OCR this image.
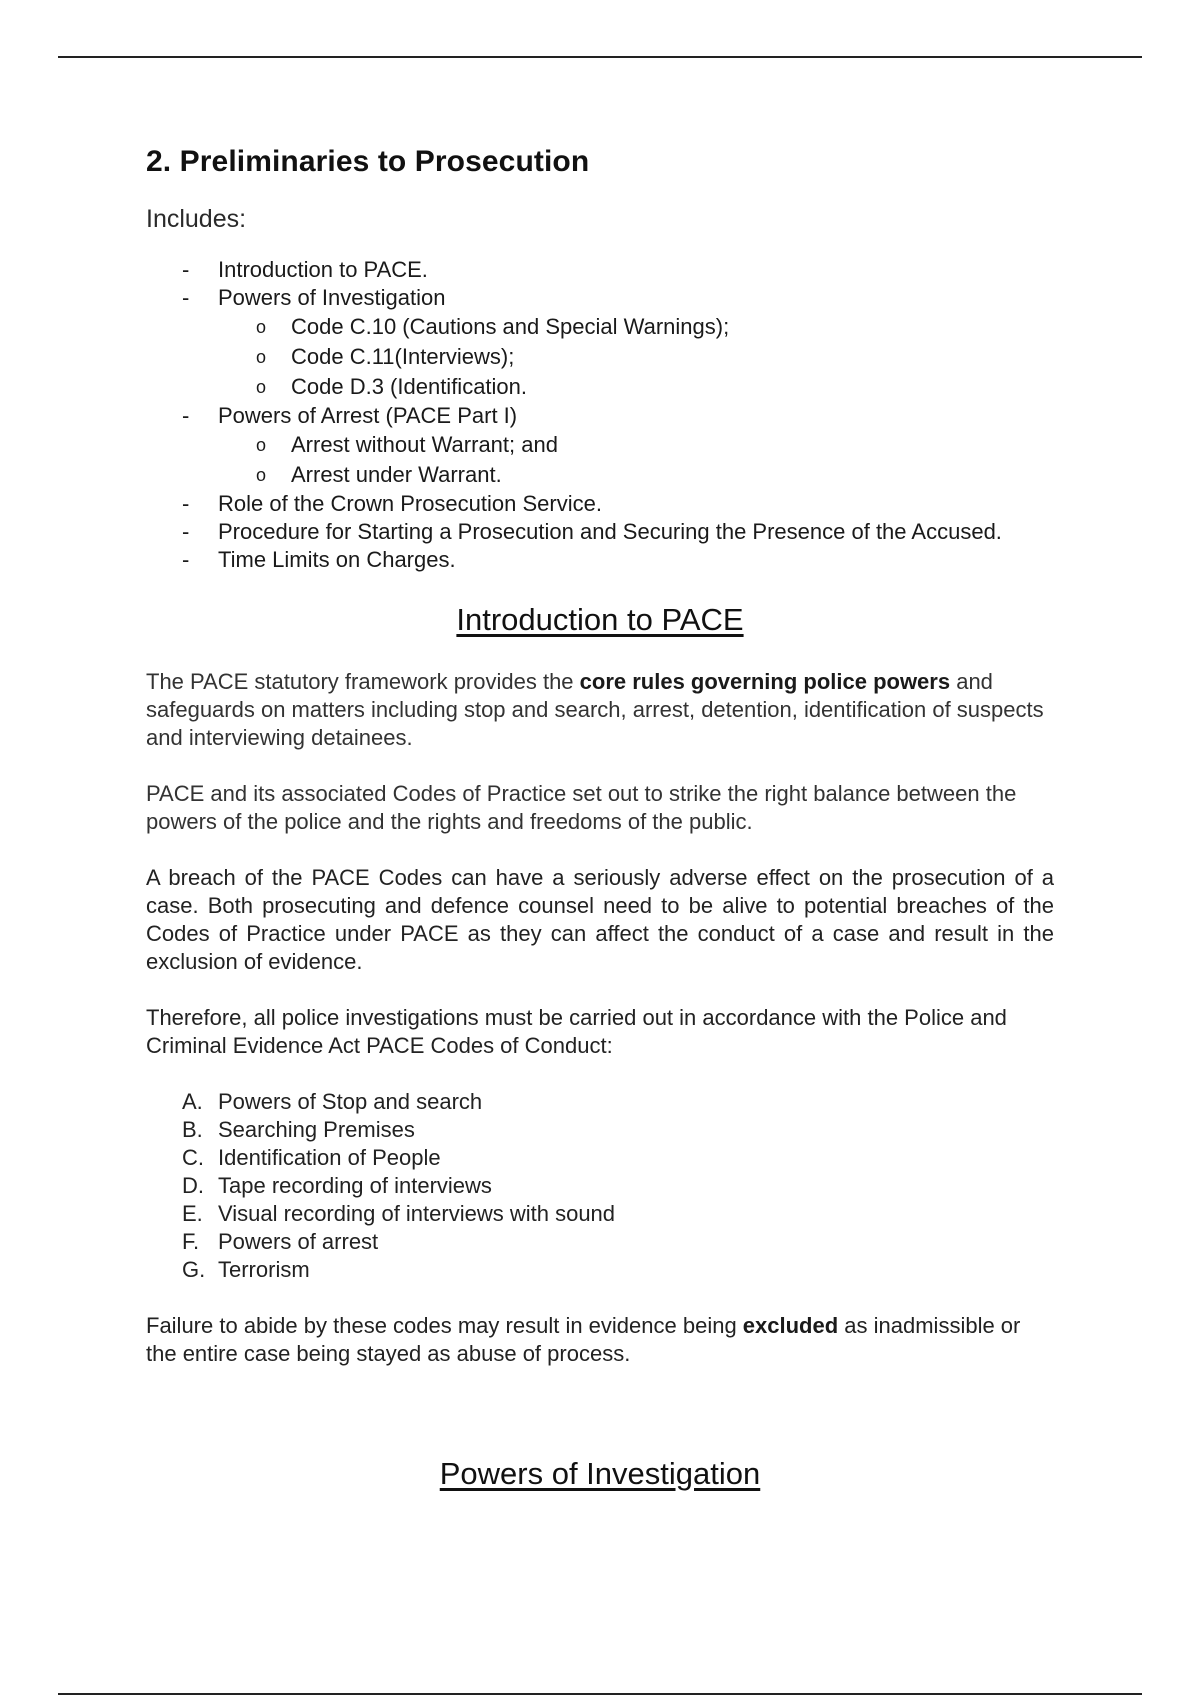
2. Preliminaries to Prosecution
Includes:
- Introduction to PACE.
- Powers of Investigation
o Code C.10 (Cautions and Special Warnings);
o Code C.11(Interviews);
o Code D.3 (Identification.
- Powers of Arrest (PACE Part I)
o Arrest without Warrant; and
o Arrest under Warrant.
- Role of the Crown Prosecution Service.
- Procedure for Starting a Prosecution and Securing the Presence of the Accused.
- Time Limits on Charges.
Introduction to PACE

The PACE statutory framework provides the core rules governing police powers and safeguards on matters including stop and search, arrest, detention, identification of suspects and interviewing detainees.

PACE and its associated Codes of Practice set out to strike the right balance between the powers of the police and the rights and freedoms of the public.

A breach of the PACE Codes can have a seriously adverse effect on the prosecution of a case. Both prosecuting and defence counsel need to be alive to potential breaches of the Codes of Practice under PACE as they can affect the conduct of a case and result in the exclusion of evidence.

Therefore, all police investigations must be carried out in accordance with the Police and Criminal Evidence Act PACE Codes of Conduct:

A. Powers of Stop and search
B. Searching Premises
C. Identification of People
D. Tape recording of interviews
E. Visual recording of interviews with sound
F. Powers of arrest
G. Terrorism

Failure to abide by these codes may result in evidence being excluded as inadmissible or the entire case being stayed as abuse of process.

Powers of Investigation
